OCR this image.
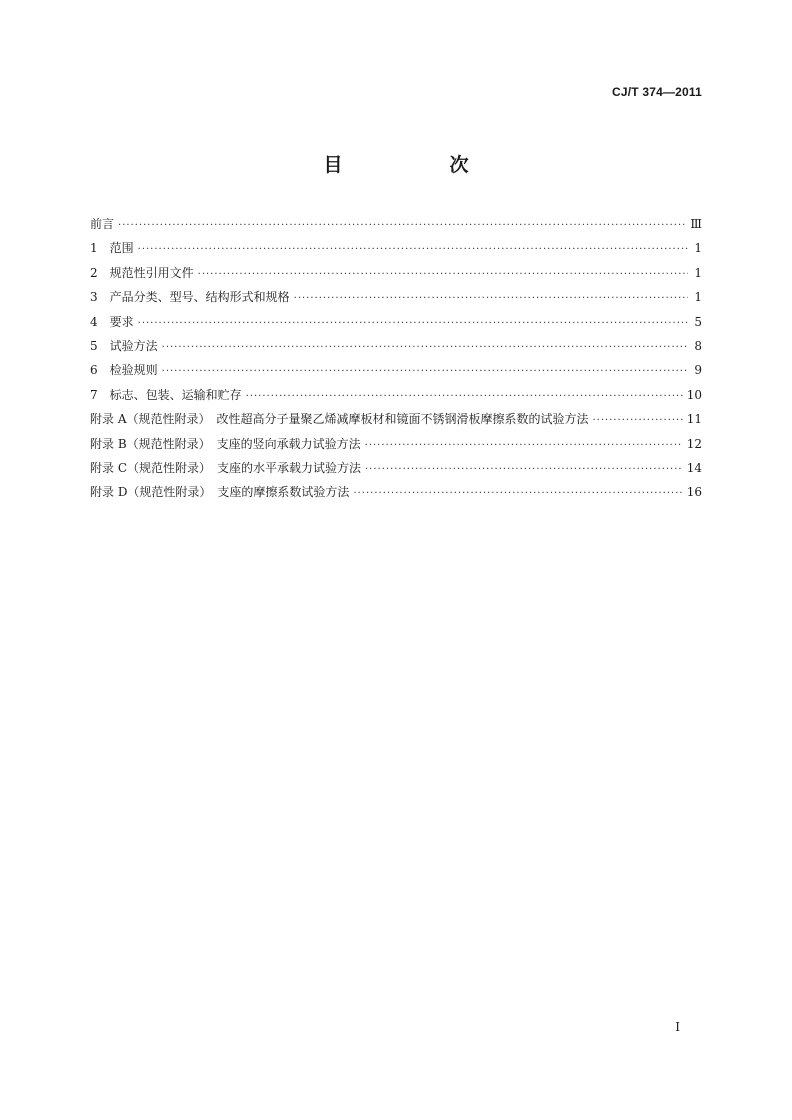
CJ/T 374—2011
目　次
前言 ·····	Ⅲ
1　范围 ·····	1
2　规范性引用文件 ·····	1
3　产品分类、型号、结构形式和规格 ·····	1
4　要求 ·····	5
5　试验方法 ·····	8
6　检验规则 ·····	9
7　标志、包装、运输和贮存 ·····	10
附录 A（规范性附录）　改性超高分子量聚乙烯减摩板材和镜面不锈钢滑板摩擦系数的试验方法 ·····	11
附录 B（规范性附录）　支座的竖向承载力试验方法 ·····	12
附录 C（规范性附录）　支座的水平承载力试验方法 ·····	14
附录 D（规范性附录）　支座的摩擦系数试验方法 ·····	16
Ⅰ
